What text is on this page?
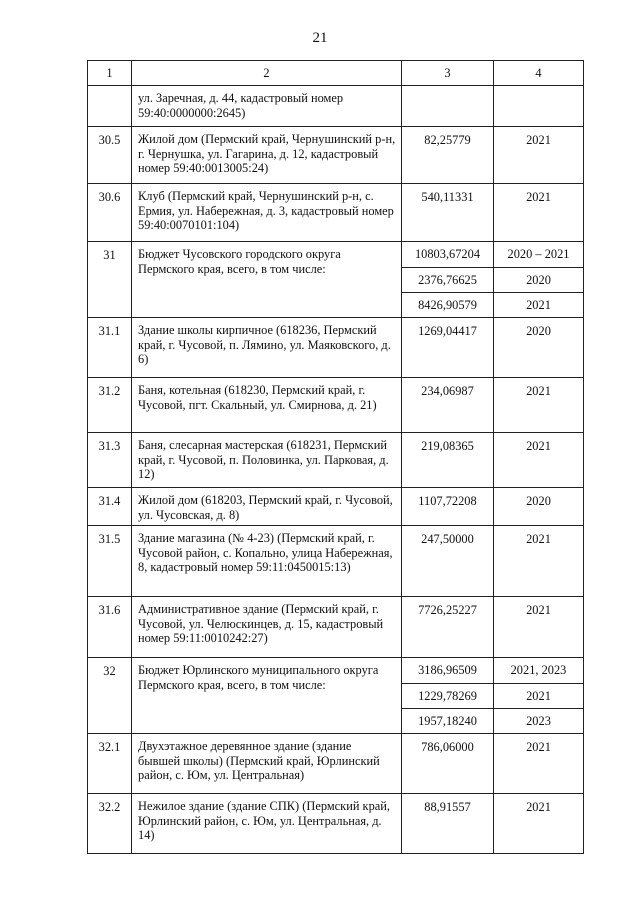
21
1	2	3	4
	ул. Заречная, д. 44, кадастровый номер 59:40:0000000:2645)		
30.5	Жилой дом (Пермский край, Чернушинский р-н, г. Чернушка, ул. Гагарина, д. 12, кадастровый номер 59:40:0013005:24)	82,25779	2021
30.6	Клуб (Пермский край, Чернушинский р-н, с. Ермия, ул. Набережная, д. 3, кадастровый номер 59:40:0070101:104)	540,11331	2021
31	Бюджет Чусовского городского округа Пермского края, всего, в том числе:	10803,67204	2020 – 2021
		2376,76625	2020
		8426,90579	2021
31.1	Здание школы кирпичное (618236, Пермский край, г. Чусовой, п. Лямино, ул. Маяковского, д. 6)	1269,04417	2020
31.2	Баня, котельная (618230, Пермский край, г. Чусовой, пгт. Скальный, ул. Смирнова, д. 21)	234,06987	2021
31.3	Баня, слесарная мастерская (618231, Пермский край, г. Чусовой, п. Половинка, ул. Парковая, д. 12)	219,08365	2021
31.4	Жилой дом (618203, Пермский край, г. Чусовой, ул. Чусовская, д. 8)	1107,72208	2020
31.5	Здание магазина (№ 4-23) (Пермский край, г. Чусовой район, с. Копально, улица Набережная, 8, кадастровый номер 59:11:0450015:13)	247,50000	2021
31.6	Административное здание (Пермский край, г. Чусовой, ул. Челюскинцев, д. 15, кадастровый номер 59:11:0010242:27)	7726,25227	2021
32	Бюджет Юрлинского муниципального округа Пермского края, всего, в том числе:	3186,96509	2021, 2023
		1229,78269	2021
		1957,18240	2023
32.1	Двухэтажное деревянное здание (здание бывшей школы) (Пермский край, Юрлинский район, с. Юм, ул. Центральная)	786,06000	2021
32.2	Нежилое здание (здание СПК) (Пермский край, Юрлинский район, с. Юм, ул. Центральная, д. 14)	88,91557	2021
